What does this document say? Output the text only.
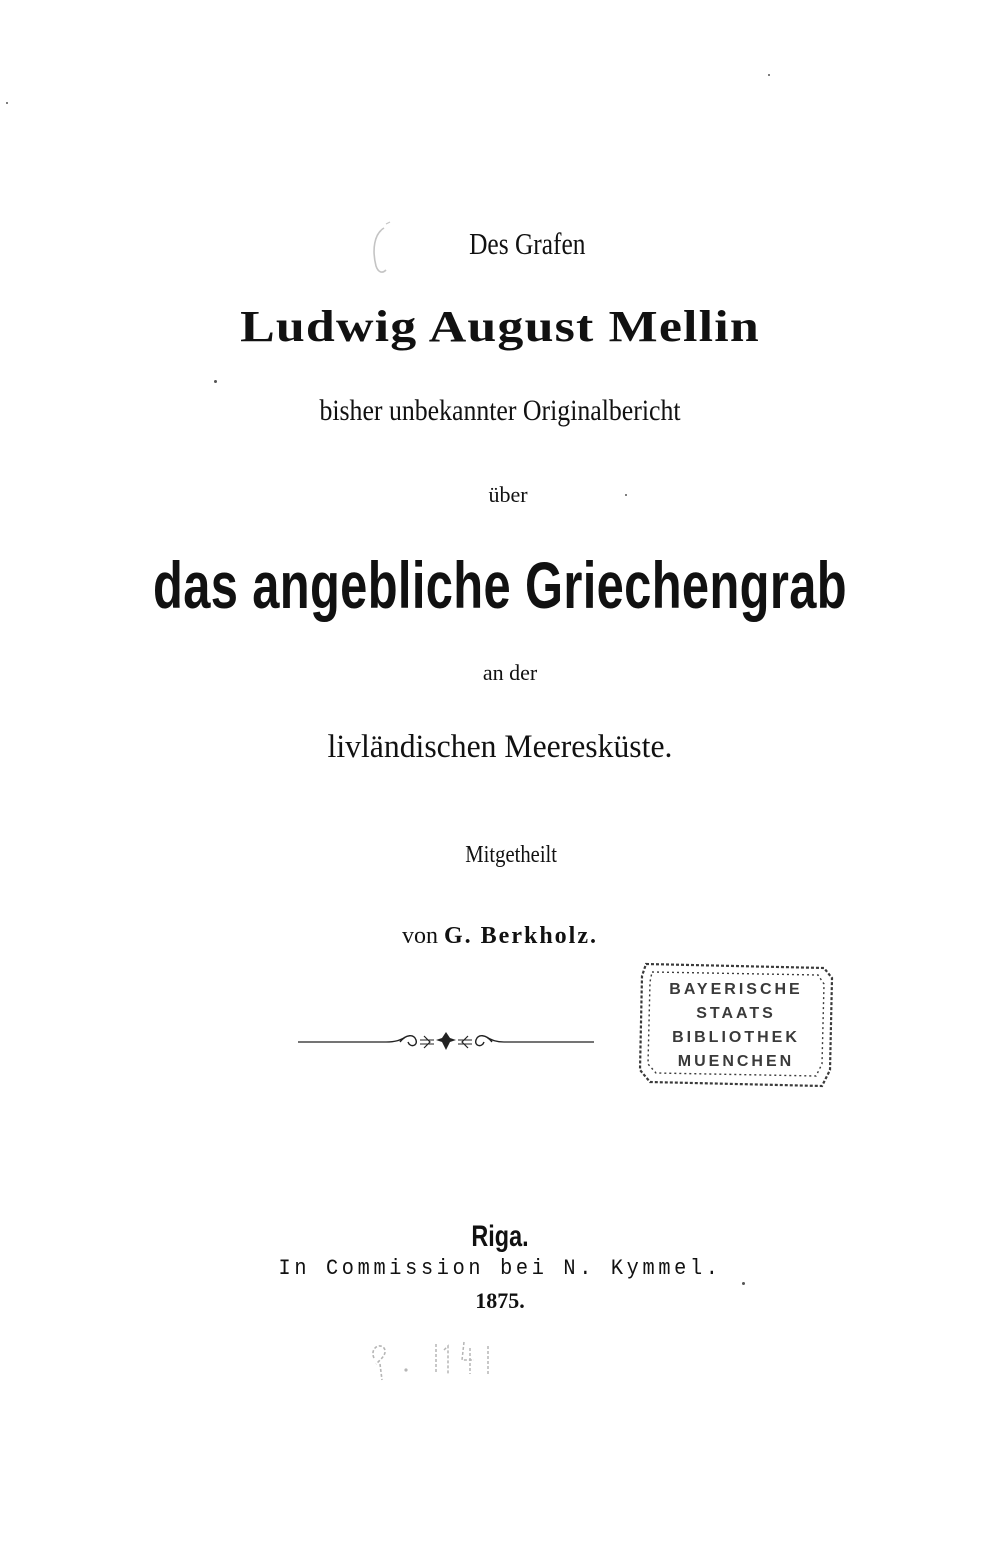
Des Grafen
Ludwig August Mellin
bisher unbekannter Originalbericht
über
das angebliche Griechengrab
an der
livländischen Meeresküste.
Mitgetheilt
von G. Berkholz.
BAYERISCHE
STAATS
BIBLIOTHEK
MUENCHEN
Riga.
In Commission bei N. Kymmel.
1875.
